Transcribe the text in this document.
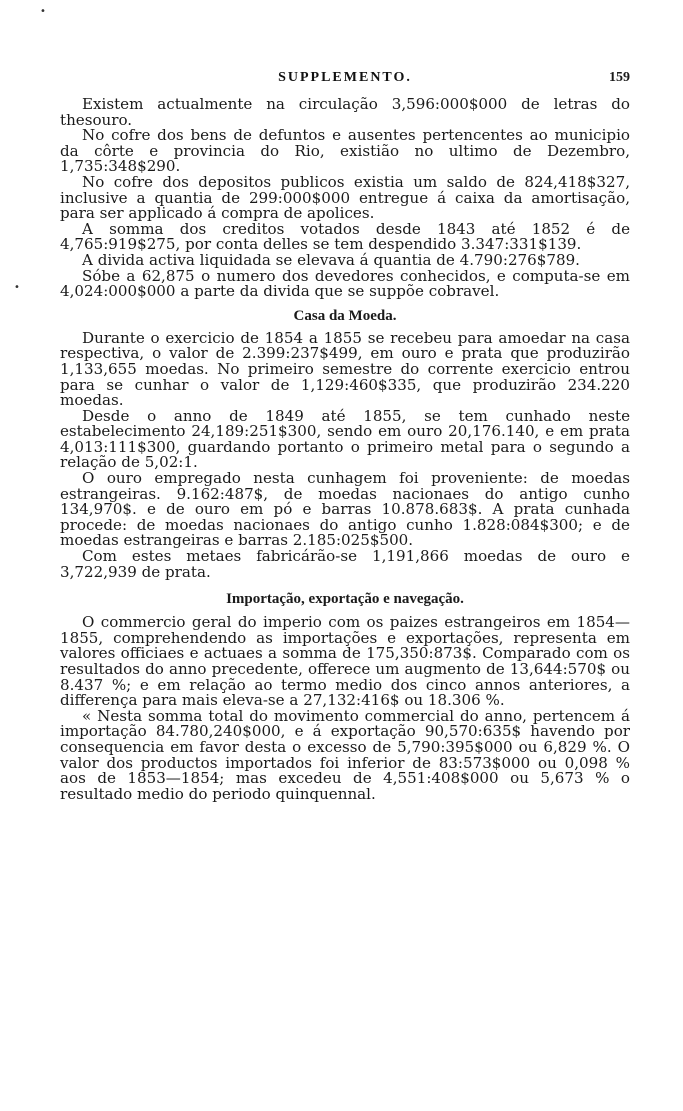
•
•
SUPPLEMENTO.	159

Existem actualmente na circulação 3,596:000$000 de letras do thesouro.

No cofre dos bens de defuntos e ausentes pertencentes ao municipio da côrte e provincia do Rio, existião no ultimo de Dezembro, 1,735:348$290.

No cofre dos depositos publicos existia um saldo de 824,418$327, inclusive a quantia de 299:000$000 entregue á caixa da amortisação, para ser applicado á compra de apolices.

A somma dos creditos votados desde 1843 até 1852 é de 4,765:919$275, por conta delles se tem despendido 3.347:331$139.

A divida activa liquidada se elevava á quantia de 4.790:276$789.

Sóbe a 62,875 o numero dos devedores conhecidos, e computa-se em 4,024:000$000 a parte da divida que se suppõe cobravel.

Casa da Moeda.

Durante o exercicio de 1854 a 1855 se recebeu para amoedar na casa respectiva, o valor de 2.399:237$499, em ouro e prata que produzirão 1,133,655 moedas. No primeiro semestre do corrente exercicio entrou para se cunhar o valor de 1,129:460$335, que produzirão 234.220 moedas.

Desde o anno de 1849 até 1855, se tem cunhado neste estabelecimento 24,189:251$300, sendo em ouro 20,176.140, e em prata 4,013:111$300, guardando portanto o primeiro metal para o segundo a relação de 5,02:1.

O ouro empregado nesta cunhagem foi proveniente: de moedas estrangeiras. 9.162:487$, de moedas nacionaes do antigo cunho 134,970$. e de ouro em pó e barras 10.878.683$. A prata cunhada procede: de moedas nacionaes do antigo cunho 1.828:084$300; e de moedas estrangeiras e barras 2.185:025$500.

Com estes metaes fabricárão-se 1,191,866 moedas de ouro e 3,722,939 de prata.

Importação, exportação e navegação.

O commercio geral do imperio com os paizes estrangeiros em 1854—1855, comprehendendo as importações e exportações, representa em valores officiaes e actuaes a somma de 175,350:873$. Comparado com os resultados do anno precedente, offerece um augmento de 13,644:570$ ou 8.437 %; e em relação ao termo medio dos cinco annos anteriores, a differença para mais eleva-se a 27,132:416$ ou 18.306 %.

« Nesta somma total do movimento commercial do anno, pertencem á importação 84.780,240$000, e á exportação 90,570:635$ havendo por consequencia em favor desta o excesso de 5,790:395$000 ou 6,829 %. O valor dos productos importados foi inferior de 83:573$000 ou 0,098 % aos de 1853—1854; mas excedeu de 4,551:408$000 ou 5,673 % o resultado medio do periodo quinquennal.
